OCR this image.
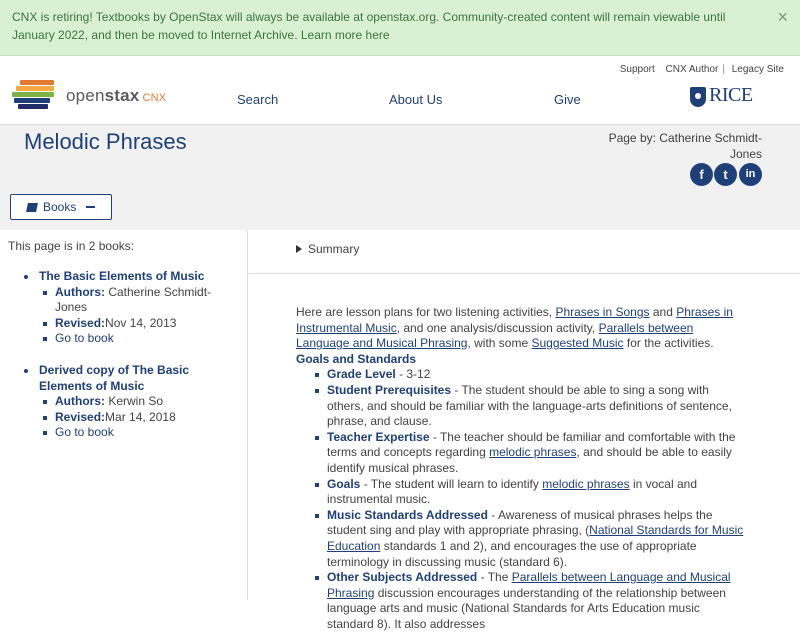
CNX is retiring! Textbooks by OpenStax will always be available at openstax.org. Community-created content will remain viewable until January 2022, and then be moved to Internet Archive. Learn more here
×
Support CNX Author | Legacy Site
openstax CNX	Search	About Us	Give	RICE
Melodic Phrases	Page by: Catherine Schmidt-Jones
f	t	in
Books
This page is in 2 books:
The Basic Elements of Music
Authors: Catherine Schmidt-Jones
Revised:Nov 14, 2013
Go to book
Derived copy of The Basic Elements of Music
Authors: Kerwin So
Revised:Mar 14, 2018
Go to book
Summary

Here are lesson plans for two listening activities, Phrases in Songs and Phrases in Instrumental Music, and one analysis/discussion activity, Parallels between Language and Musical Phrasing, with some Suggested Music for the activities.

Goals and Standards
Grade Level - 3-12
Student Prerequisites - The student should be able to sing a song with others, and should be familiar with the language-arts definitions of sentence, phrase, and clause.
Teacher Expertise - The teacher should be familiar and comfortable with the terms and concepts regarding melodic phrases, and should be able to easily identify musical phrases.
Goals - The student will learn to identify melodic phrases in vocal and instrumental music.
Music Standards Addressed - Awareness of musical phrases helps the student sing and play with appropriate phrasing, (National Standards for Music Education standards 1 and 2), and encourages the use of appropriate terminology in discussing music (standard 6).
Other Subjects Addressed - The Parallels between Language and Musical Phrasing discussion encourages understanding of the relationship between language arts and music (National Standards for Arts Education music standard 8). It also addresses
